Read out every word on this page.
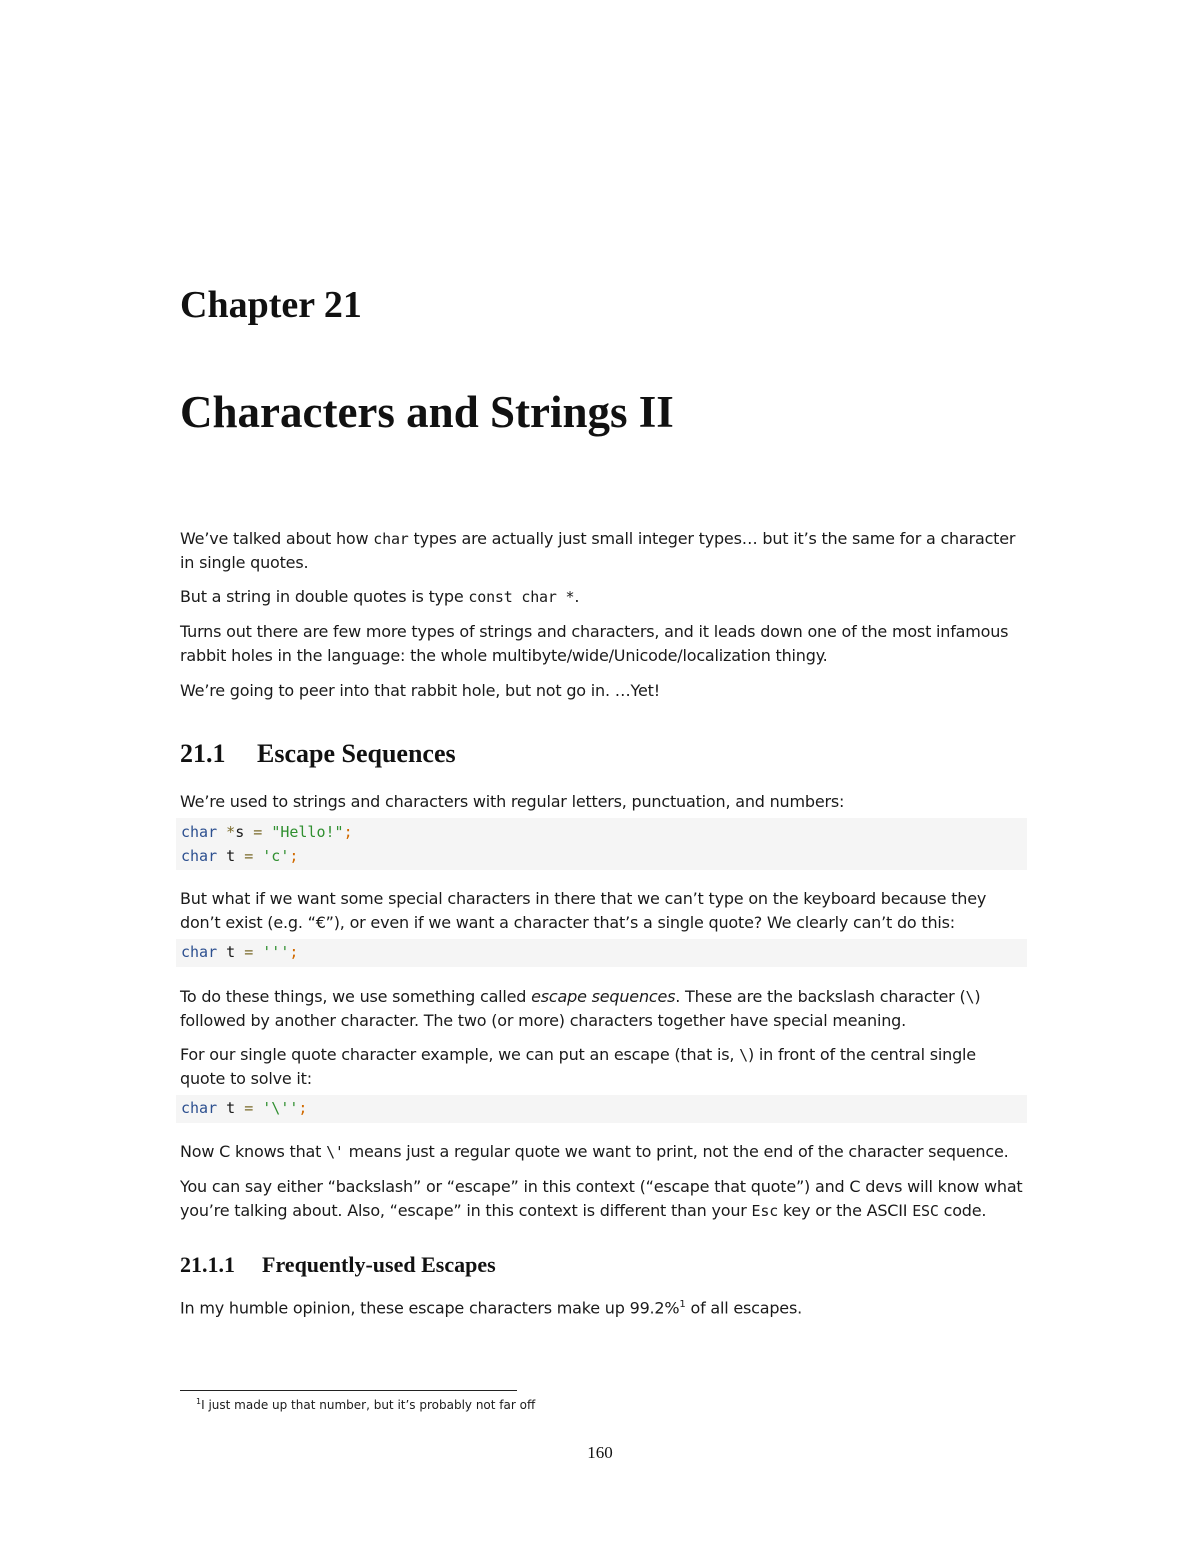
Chapter 21
Characters and Strings II

We’ve talked about how char types are actually just small integer types… but it’s the same for a character in single quotes.

But a string in double quotes is type const char *.

Turns out there are few more types of strings and characters, and it leads down one of the most infamous rabbit holes in the language: the whole multibyte/wide/Unicode/localization thingy.

We’re going to peer into that rabbit hole, but not go in. …Yet!

21.1 Escape Sequences

We’re used to strings and characters with regular letters, punctuation, and numbers:

char *s = "Hello!";
char t = 'c';

But what if we want some special characters in there that we can’t type on the keyboard because they don’t exist (e.g. “€”), or even if we want a character that’s a single quote? We clearly can’t do this:

char t = ''';

To do these things, we use something called escape sequences. These are the backslash character (\) followed by another character. The two (or more) characters together have special meaning.

For our single quote character example, we can put an escape (that is, \) in front of the central single quote to solve it:

char t = '\'';

Now C knows that \' means just a regular quote we want to print, not the end of the character sequence.

You can say either “backslash” or “escape” in this context (“escape that quote”) and C devs will know what you’re talking about. Also, “escape” in this context is different than your Esc key or the ASCII ESC code.

21.1.1 Frequently-used Escapes

In my humble opinion, these escape characters make up 99.2%$^1$ of all escapes.

$^1$I just made up that number, but it’s probably not far off
160
